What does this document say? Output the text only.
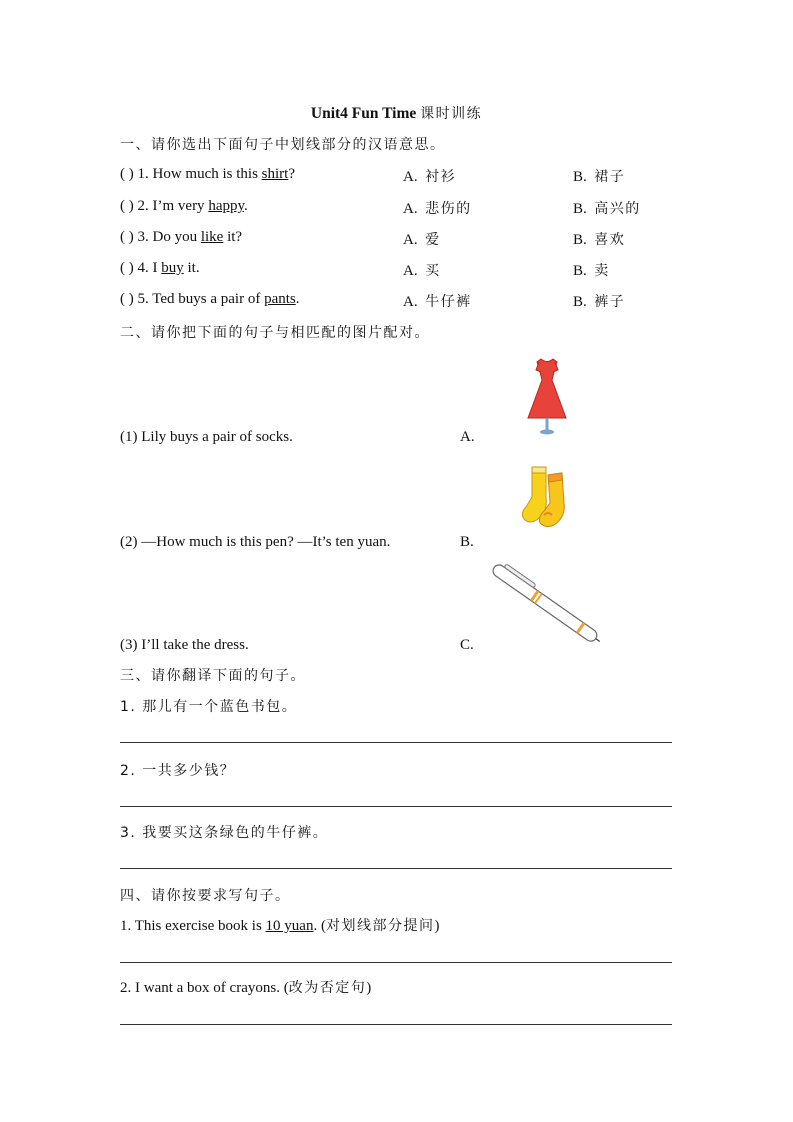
Unit4 Fun Time 课时训练
一、请你选出下面句子中划线部分的汉语意思。
( ) 1. How much is this shirt?	A. 衬衫	B. 裙子
( ) 2. I’m very happy.	A. 悲伤的	B. 高兴的
( ) 3. Do you like it?	A. 爱	B. 喜欢
( ) 4. I buy it.	A. 买	B. 卖
( ) 5. Ted buys a pair of pants.	A. 牛仔裤	B. 裤子
二、请你把下面的句子与相匹配的图片配对。
(1) Lily buys a pair of socks.	A.
(2) —How much is this pen? —It’s ten yuan.	B.
(3) I’ll take the dress.	C.
三、请你翻译下面的句子。
1. 那儿有一个蓝色书包。
2. 一共多少钱？
3. 我要买这条绿色的牛仔裤。
四、请你按要求写句子。
1. This exercise book is 10 yuan. (对划线部分提问)
2. I want a box of crayons. (改为否定句)
